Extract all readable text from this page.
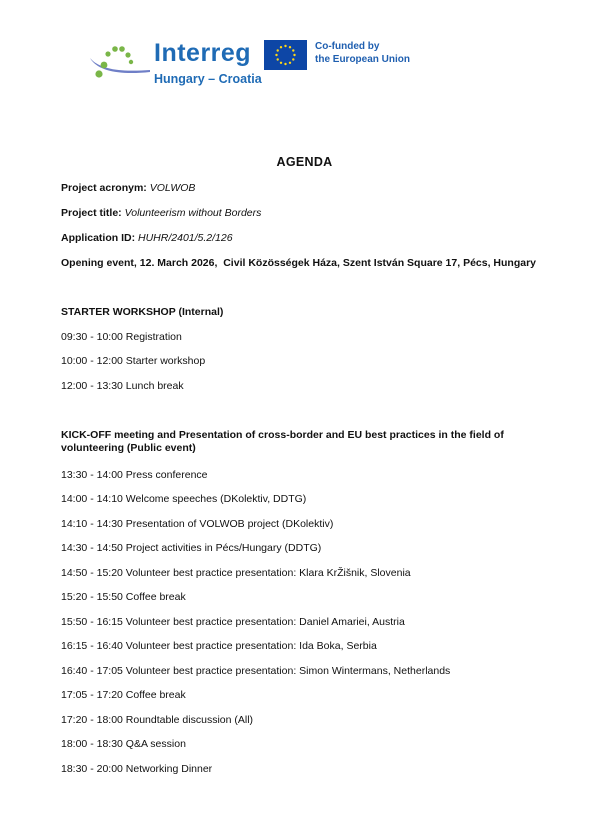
Interreg
Hungary – Croatia
Co-funded by
the European Union
AGENDA
Project acronym: VOLWOB
Project title: Volunteerism without Borders
Application ID: HUHR/2401/5.2/126
Opening event, 12. March 2026,  Civil Közösségek Háza, Szent István Square 17, Pécs, Hungary
STARTER WORKSHOP (Internal)
09:30 - 10:00 Registration
10:00 - 12:00 Starter workshop
12:00 - 13:30 Lunch break
KICK-OFF meeting and Presentation of cross-border and EU best practices in the field of volunteering (Public event)
13:30 - 14:00 Press conference
14:00 - 14:10 Welcome speeches (DKolektiv, DDTG)
14:10 - 14:30 Presentation of VOLWOB project (DKolektiv)
14:30 - 14:50 Project activities in Pécs/Hungary (DDTG)
14:50 - 15:20 Volunteer best practice presentation: Klara KrŽišnik, Slovenia
15:20 - 15:50 Coffee break
15:50 - 16:15 Volunteer best practice presentation: Daniel Amariei, Austria
16:15 - 16:40 Volunteer best practice presentation: Ida Boka, Serbia
16:40 - 17:05 Volunteer best practice presentation: Simon Wintermans, Netherlands
17:05 - 17:20 Coffee break
17:20 - 18:00 Roundtable discussion (All)
18:00 - 18:30 Q&A session
18:30 - 20:00 Networking Dinner
